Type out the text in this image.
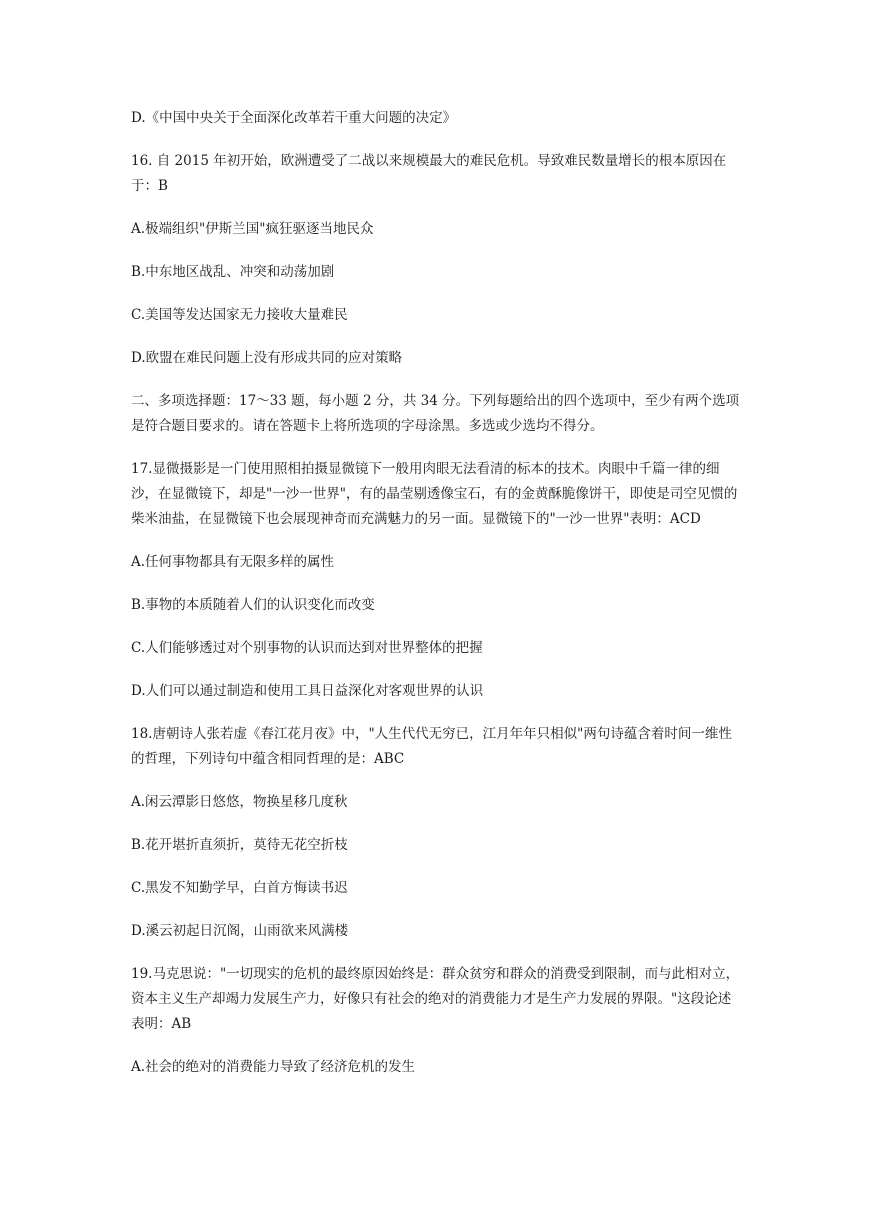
D.《中国中央关于全面深化改革若干重大问题的决定》

16. 自 2015 年初开始，欧洲遭受了二战以来规模最大的难民危机。导致难民数量增长的根本原因在于：B

A.极端组织"伊斯兰国"疯狂驱逐当地民众

B.中东地区战乱、冲突和动荡加剧

C.美国等发达国家无力接收大量难民

D.欧盟在难民问题上没有形成共同的应对策略

二、多项选择题：17～33 题，每小题 2 分，共 34 分。下列每题给出的四个选项中，至少有两个选项是符合题目要求的。请在答题卡上将所选项的字母涂黑。多选或少选均不得分。

17.显微摄影是一门使用照相拍摄显微镜下一般用肉眼无法看清的标本的技术。肉眼中千篇一律的细沙，在显微镜下，却是"一沙一世界"，有的晶莹剔透像宝石，有的金黄酥脆像饼干，即使是司空见惯的柴米油盐，在显微镜下也会展现神奇而充满魅力的另一面。显微镜下的"一沙一世界"表明：ACD

A.任何事物都具有无限多样的属性

B.事物的本质随着人们的认识变化而改变

C.人们能够透过对个别事物的认识而达到对世界整体的把握

D.人们可以通过制造和使用工具日益深化对客观世界的认识

18.唐朝诗人张若虚《春江花月夜》中，"人生代代无穷已，江月年年只相似"两句诗蕴含着时间一维性的哲理，下列诗句中蕴含相同哲理的是：ABC

A.闲云潭影日悠悠，物换星移几度秋

B.花开堪折直须折，莫待无花空折枝

C.黑发不知勤学早，白首方悔读书迟

D.溪云初起日沉阁，山雨欲来风满楼

19.马克思说："一切现实的危机的最终原因始终是：群众贫穷和群众的消费受到限制，而与此相对立，资本主义生产却竭力发展生产力，好像只有社会的绝对的消费能力才是生产力发展的界限。"这段论述表明：AB

A.社会的绝对的消费能力导致了经济危机的发生
